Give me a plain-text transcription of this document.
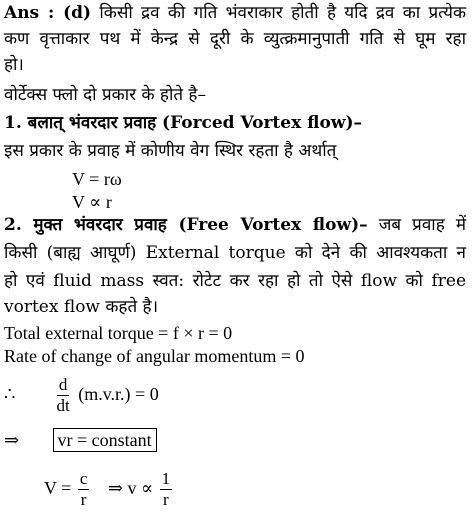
Ans : (d) किसी द्रव की गति भंवराकार होती है यदि द्रव का प्रत्येक
कण वृत्ताकार पथ में केन्द्र से दूरी के व्युत्क्रमानुपाती गति से घूम रहा
हो।
वोर्टेक्स फ्लो दो प्रकार के होते है–
1. बलात् भंवरदार प्रवाह (Forced Vortex flow)–
इस प्रकार के प्रवाह में कोणीय वेग स्थिर रहता है अर्थात्
V = rω
V ∝ r
2. मुक्त भंवरदार प्रवाह (Free Vortex flow)– जब प्रवाह में
किसी (बाह्य आघूर्ण) External torque को देने की आवश्यकता न
हो एवं fluid mass स्वत: रोटेट कर रहा हो तो ऐसे flow को free
vortex flow कहते है।
Total external torque = f × r = 0
Rate of change of angular momentum = 0
∴ $\frac{d}{dt} (m.v.r.) = 0$
⇒ vr = constant
$V = \frac{c}{r}$ ⇒ $v \propto \frac{1}{r}$
